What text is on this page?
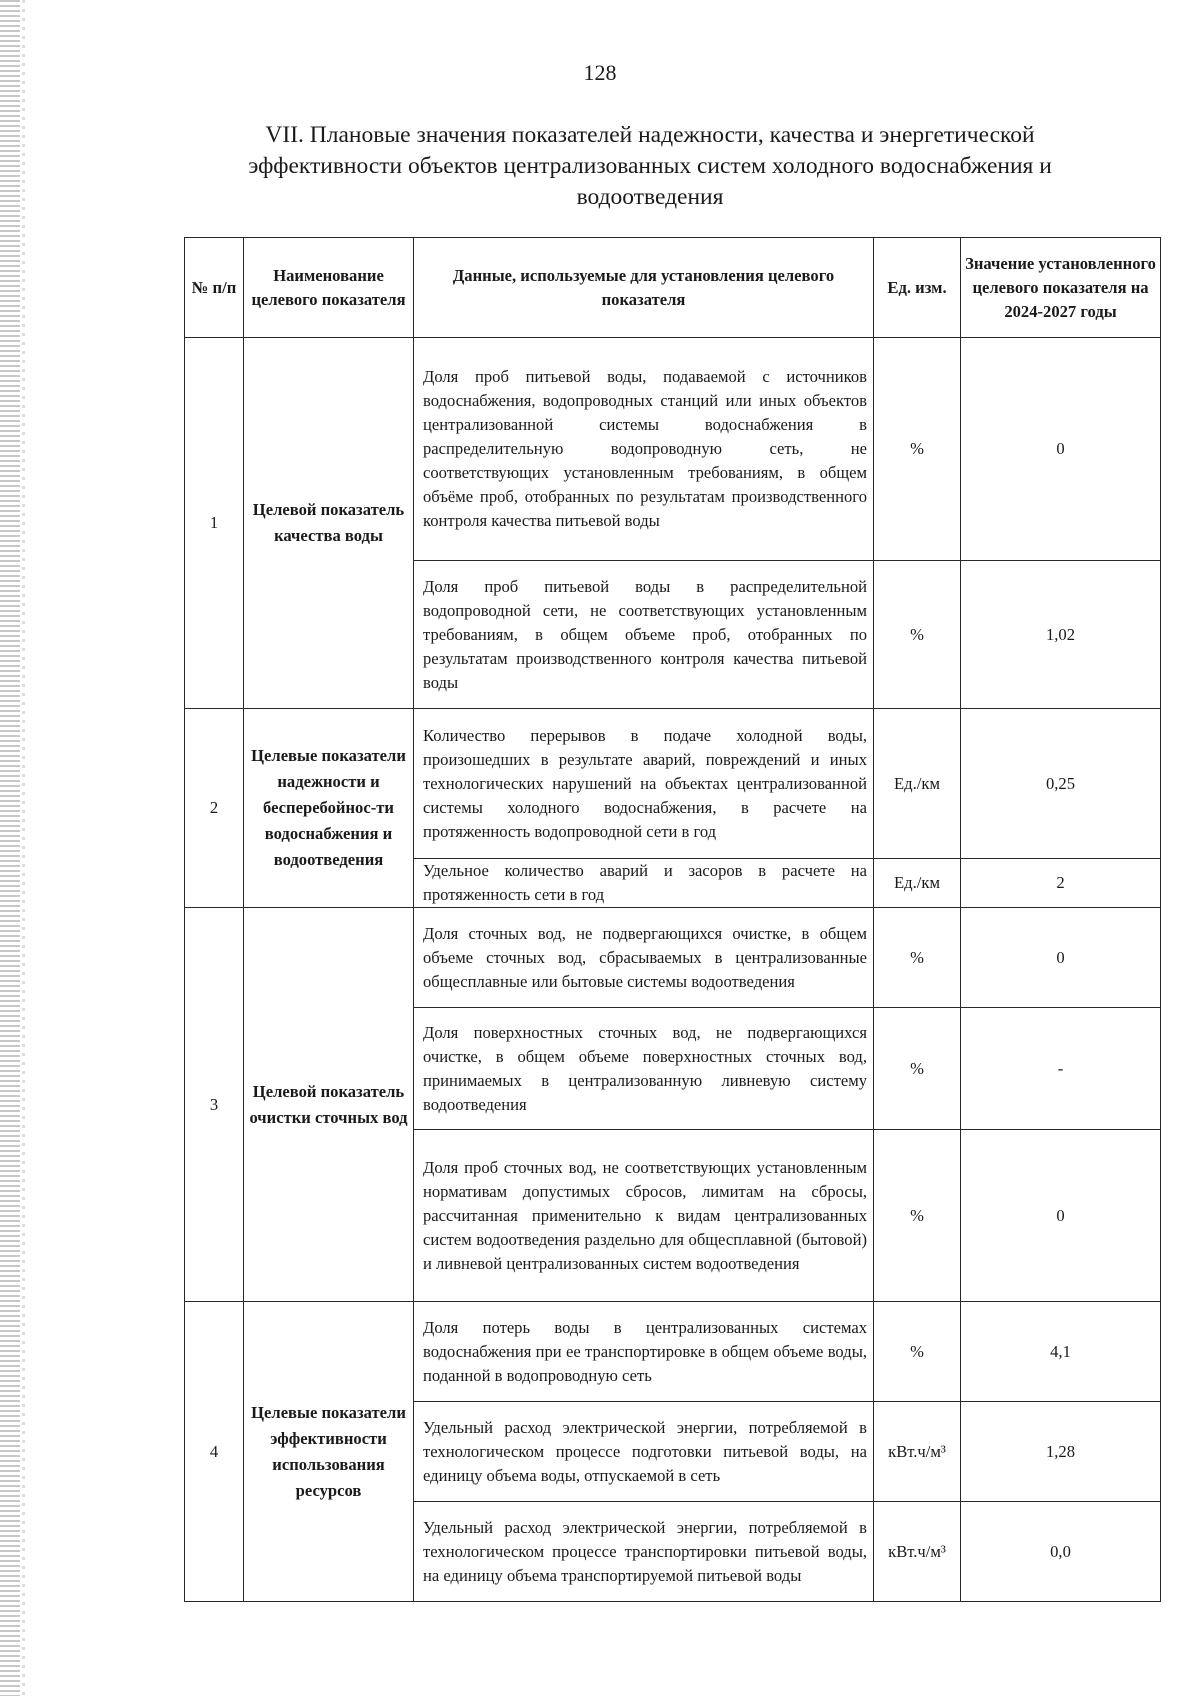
128
VII. Плановые значения показателей надежности, качества и энергетической
эффективности объектов централизованных систем холодного водоснабжения и
водоотведения
№ п/п	Наименование целевого показателя	Данные, используемые для установления целевого показателя	Ед. изм.	Значение установленного целевого показателя на 2024-2027 годы
1	Целевой показатель качества воды	Доля проб питьевой воды, подаваемой с источников водоснабжения, водопроводных станций или иных объектов централизованной системы водоснабжения в распределительную водопроводную сеть, не соответствующих установленным требованиям, в общем объёме проб, отобранных по результатам производственного контроля качества питьевой воды	%	0
		Доля проб питьевой воды в распределительной водопроводной сети, не соответствующих установленным требованиям, в общем объеме проб, отобранных по результатам производственного контроля качества питьевой воды	%	1,02
2	Целевые показатели надежности и бесперебойнос-ти водоснабжения и водоотведения	Количество перерывов в подаче холодной воды, произошедших в результате аварий, повреждений и иных технологических нарушений на объектах централизованной системы холодного водоснабжения, в расчете на протяженность водопроводной сети в год	Ед./км	0,25
		Удельное количество аварий и засоров в расчете на протяженность сети в год	Ед./км	2
3	Целевой показатель очистки сточных вод	Доля сточных вод, не подвергающихся очистке, в общем объеме сточных вод, сбрасываемых в централизованные общесплавные или бытовые системы водоотведения	%	0
		Доля поверхностных сточных вод, не подвергающихся очистке, в общем объеме поверхностных сточных вод, принимаемых в централизованную ливневую систему водоотведения	%	-
		Доля проб сточных вод, не соответствующих установленным нормативам допустимых сбросов, лимитам на сбросы, рассчитанная применительно к видам централизованных систем водоотведения раздельно для общесплавной (бытовой) и ливневой централизованных систем водоотведения	%	0
4	Целевые показатели эффективности использования ресурсов	Доля потерь воды в централизованных системах водоснабжения при ее транспортировке в общем объеме воды, поданной в водопроводную сеть	%	4,1
		Удельный расход электрической энергии, потребляемой в технологическом процессе подготовки питьевой воды, на единицу объема воды, отпускаемой в сеть	кВт.ч/м³	1,28
		Удельный расход электрической энергии, потребляемой в технологическом процессе транспортировки питьевой воды, на единицу объема транспортируемой питьевой воды	кВт.ч/м³	0,0
